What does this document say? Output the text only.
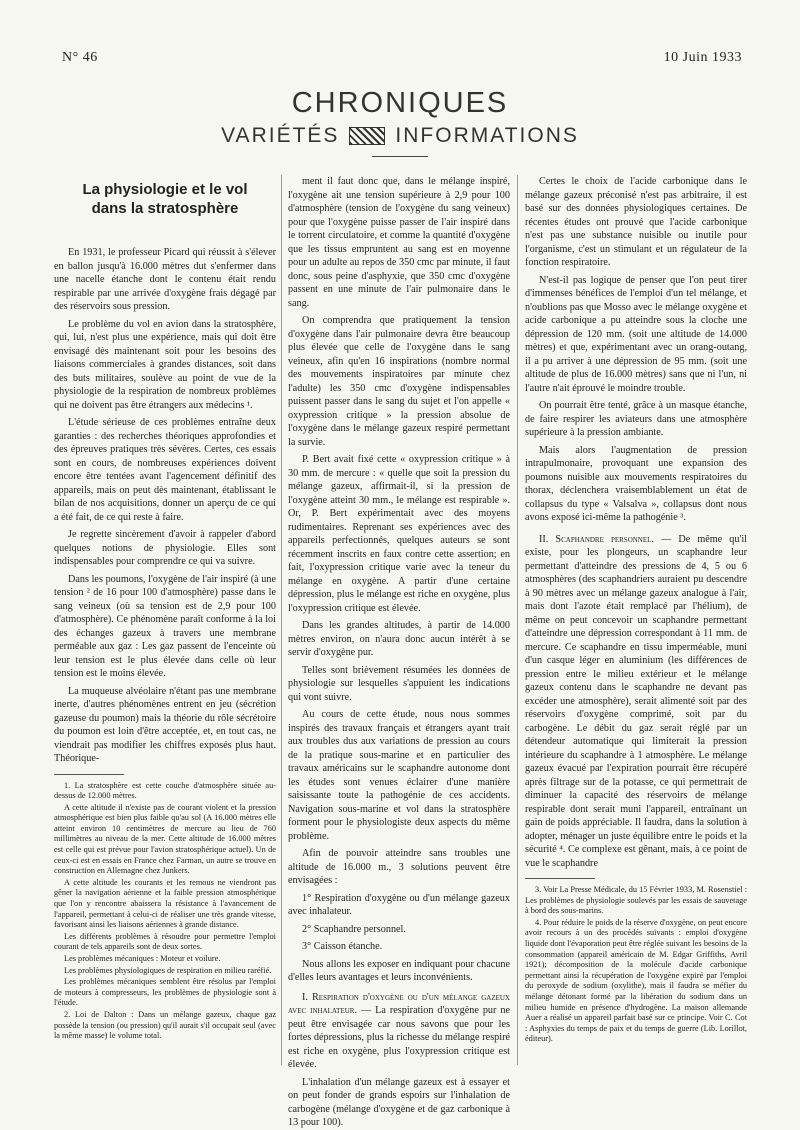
N° 46	10 Juin 1933
CHRONIQUES
VARIÉTÉS	INFORMATIONS
La physiologie et le vol
dans la stratosphère

En 1931, le professeur Picard qui réussit à s'élever en ballon jusqu'à 16.000 mètres dut s'enfermer dans une nacelle étanche dont le contenu était rendu respirable par une arrivée d'oxygène frais dégagé par des réservoirs sous pression.

Le problème du vol en avion dans la stratosphère, qui, lui, n'est plus une expérience, mais qui doit être envisagé dès maintenant soit pour les besoins des liaisons commerciales à grandes distances, soit dans des buts militaires, soulève au point de vue de la physiologie de la respiration de nombreux problèmes qui ne doivent pas être étrangers aux médecins ¹.

L'étude sérieuse de ces problèmes entraîne deux garanties : des recherches théoriques approfondies et des épreuves pratiques très sévères. Certes, ces essais sont en cours, de nombreuses expériences doivent encore être tentées avant l'agencement définitif des appareils, mais on peut dès maintenant, établissant le bilan de nos acquisitions, donner un aperçu de ce qui a été fait, de ce qui reste à faire.

Je regrette sincèrement d'avoir à rappeler d'abord quelques notions de physiologie. Elles sont indispensables pour comprendre ce qui va suivre.

Dans les poumons, l'oxygène de l'air inspiré (à une tension ² de 16 pour 100 d'atmosphère) passe dans le sang veineux (où sa tension est de 2,9 pour 100 d'atmosphère). Ce phénomène paraît conforme à la loi des échanges gazeux à travers une membrane perméable aux gaz : Les gaz passent de l'enceinte où leur tension est le plus élevée dans celle où leur tension est le moins élevée.

La muqueuse alvéolaire n'étant pas une membrane inerte, d'autres phénomènes entrent en jeu (sécrétion gazeuse du poumon) mais la théorie du rôle sécrétoire du poumon est loin d'être acceptée, et, en tout cas, ne viendrait pas modifier les chiffres exposés plus haut. Théorique-

1. La stratosphère est cette couche d'atmosphère située au-dessus de 12.000 mètres.

A cette altitude il n'existe pas de courant violent et la pression atmosphérique est bien plus faible qu'au sol (A 16.000 mètres elle atteint environ 10 centimètres de mercure au lieu de 760 millimètres au niveau de la mer. Cette altitude de 16.000 mètres est celle qui est prévue pour l'avion stratosphérique actuel). Un de ceux-ci est en essais en France chez Farman, un autre se trouve en construction en Allemagne chez Junkers.

A cette altitude les courants et les remous ne viendront pas gêner la navigation aérienne et la faible pression atmosphérique que l'on y rencontre abaissera la résistance à l'avancement de l'appareil, permettant à celui-ci de réaliser une très grande vitesse, favorisant ainsi les liaisons aériennes à grande distance.

Les différents problèmes à résoudre pour permettre l'emploi courant de tels appareils sont de deux sortes.

Les problèmes mécaniques : Moteur et voilure.

Les problèmes physiologiques de respiration en milieu raréfié.

Les problèmes mécaniques semblent être résolus par l'emploi de moteurs à compresseurs, les problèmes de physiologie sont à l'étude.

2. Loi de Dalton : Dans un mélange gazeux, chaque gaz possède la tension (ou pression) qu'il aurait s'il occupait seul (avec la même masse) le volume total.

ment il faut donc que, dans le mélange inspiré, l'oxygène ait une tension supérieure à 2,9 pour 100 d'atmosphère (tension de l'oxygène du sang veineux) pour que l'oxygène puisse passer de l'air inspiré dans le torrent circulatoire, et comme la quantité d'oxygène que les tissus empruntent au sang est en moyenne pour un adulte au repos de 350 cmc par minute, il faut donc, sous peine d'asphyxie, que 350 cmc d'oxygène passent en une minute de l'air pulmonaire dans le sang.

On comprendra que pratiquement la tension d'oxygène dans l'air pulmonaire devra être beaucoup plus élevée que celle de l'oxygène dans le sang veineux, afin qu'en 16 inspirations (nombre normal des mouvements inspiratoires par minute chez l'adulte) les 350 cmc d'oxygène indispensables puissent passer dans le sang du sujet et l'on appelle « oxypression critique » la pression absolue de l'oxygène dans le mélange gazeux respiré permettant la survie.

P. Bert avait fixé cette « oxypression critique » à 30 mm. de mercure : « quelle que soit la pression du mélange gazeux, affirmait-il, si la pression de l'oxygène atteint 30 mm., le mélange est respirable ». Or, P. Bert expérimentait avec des moyens rudimentaires. Reprenant ses expériences avec des appareils perfectionnés, quelques auteurs se sont récemment inscrits en faux contre cette assertion; en fait, l'oxypression critique varie avec la teneur du mélange en oxygène. A partir d'une certaine dépression, plus le mélange est riche en oxygène, plus l'oxypression critique est élevée.

Dans les grandes altitudes, à partir de 14.000 mètres environ, on n'aura donc aucun intérêt à se servir d'oxygène pur.

Telles sont brièvement résumées les données de physiologie sur lesquelles s'appuient les indications qui vont suivre.

Au cours de cette étude, nous nous sommes inspirés des travaux français et étrangers ayant trait aux troubles dus aux variations de pression au cours de la pratique sous-marine et en particulier des travaux américains sur le scaphandre autonome dont les études sont venues éclairer d'une manière saisissante toute la pathogénie de ces accidents. Navigation sous-marine et vol dans la stratosphère forment pour le physiologiste deux aspects du même problème.

Afin de pouvoir atteindre sans troubles une altitude de 16.000 m., 3 solutions peuvent être envisagées :

1° Respiration d'oxygène ou d'un mélange gazeux avec inhalateur.

2° Scaphandre personnel.

3° Caisson étanche.

Nous allons les exposer en indiquant pour chacune d'elles leurs avantages et leurs inconvénients.

I. Respiration d'oxygène ou d'un mélange gazeux avec inhalateur. — La respiration d'oxygène pur ne peut être envisagée car nous savons que pour les fortes dépressions, plus la richesse du mélange respiré est riche en oxygène, plus l'oxypression critique est élevée.

L'inhalation d'un mélange gazeux est à essayer et on peut fonder de grands espoirs sur l'inhalation de carbogène (mélange d'oxygène et de gaz carbonique à 13 pour 100).

Certes le choix de l'acide carbonique dans le mélange gazeux préconisé n'est pas arbitraire, il est basé sur des données physiologiques certaines. De récentes études ont prouvé que l'acide carbonique n'est pas une substance nuisible ou inutile pour l'organisme, c'est un stimulant et un régulateur de la fonction respiratoire.

N'est-il pas logique de penser que l'on peut tirer d'immenses bénéfices de l'emploi d'un tel mélange, et n'oublions pas que Mosso avec le mélange oxygène et acide carbonique a pu atteindre sous la cloche une dépression de 120 mm. (soit une altitude de 14.000 mètres) et que, expérimentant avec un orang-outang, il a pu arriver à une dépression de 95 mm. (soit une altitude de plus de 16.000 mètres) sans que ni l'un, ni l'autre n'ait éprouvé le moindre trouble.

On pourrait être tenté, grâce à un masque étanche, de faire respirer les aviateurs dans une atmosphère supérieure à la pression ambiante.

Mais alors l'augmentation de pression intrapulmonaire, provoquant une expansion des poumons nuisible aux mouvements respiratoires du thorax, déclenchera vraisemblablement un état de collapsus du type « Valsalva », collapsus dont nous avons exposé ici-même la pathogénie ³.

II. Scaphandre personnel. — De même qu'il existe, pour les plongeurs, un scaphandre leur permettant d'atteindre des pressions de 4, 5 ou 6 atmosphères (des scaphandriers auraient pu descendre à 90 mètres avec un mélange gazeux analogue à l'air, mais dont l'azote était remplacé par l'hélium), de même on peut concevoir un scaphandre permettant d'atteindre une dépression correspondant à 11 mm. de mercure. Ce scaphandre en tissu imperméable, muni d'un casque léger en aluminium (les différences de pression entre le milieu extérieur et le mélange gazeux contenu dans le scaphandre ne devant pas excéder une atmosphère), serait alimenté soit par des réservoirs d'oxygène comprimé, soit par du carbogène. Le débit du gaz serait réglé par un détendeur automatique qui limiterait la pression intérieure du scaphandre à 1 atmosphère. Le mélange gazeux évacué par l'expiration pourrait être récupéré après filtrage sur de la potasse, ce qui permettrait de diminuer la capacité des réservoirs de mélange respirable dont serait muni l'appareil, entraînant un gain de poids appréciable. Il faudra, dans la solution à adopter, ménager un juste équilibre entre le poids et la sécurité ⁴. Ce complexe est gênant, mais, à ce point de vue le scaphandre

3. Voir La Presse Médicale, du 15 Février 1933, M. Rosenstiel : Les problèmes de physiologie soulevés par les essais de sauvetage à bord des sous-marins.

4. Pour réduire le poids de la réserve d'oxygène, on peut encore avoir recours à un des procédés suivants : emploi d'oxygène liquide dont l'évaporation peut être réglée suivant les besoins de la consommation (appareil américain de M. Edgar Griffiths, Avril 1921); décomposition de la molécule d'acide carbonique permettant ainsi la récupération de l'oxygène expiré par l'emploi du peroxyde de sodium (oxylithe), mais il faudra se méfier du mélange détonant formé par la libération du sodium dans un milieu humide en présence d'hydrogène. La maison allemande Auer a réalisé un appareil parfait basé sur ce principe. Voir C. Cot : Asphyxies du temps de paix et du temps de guerre (Lib. Lorillot, éditeur).
